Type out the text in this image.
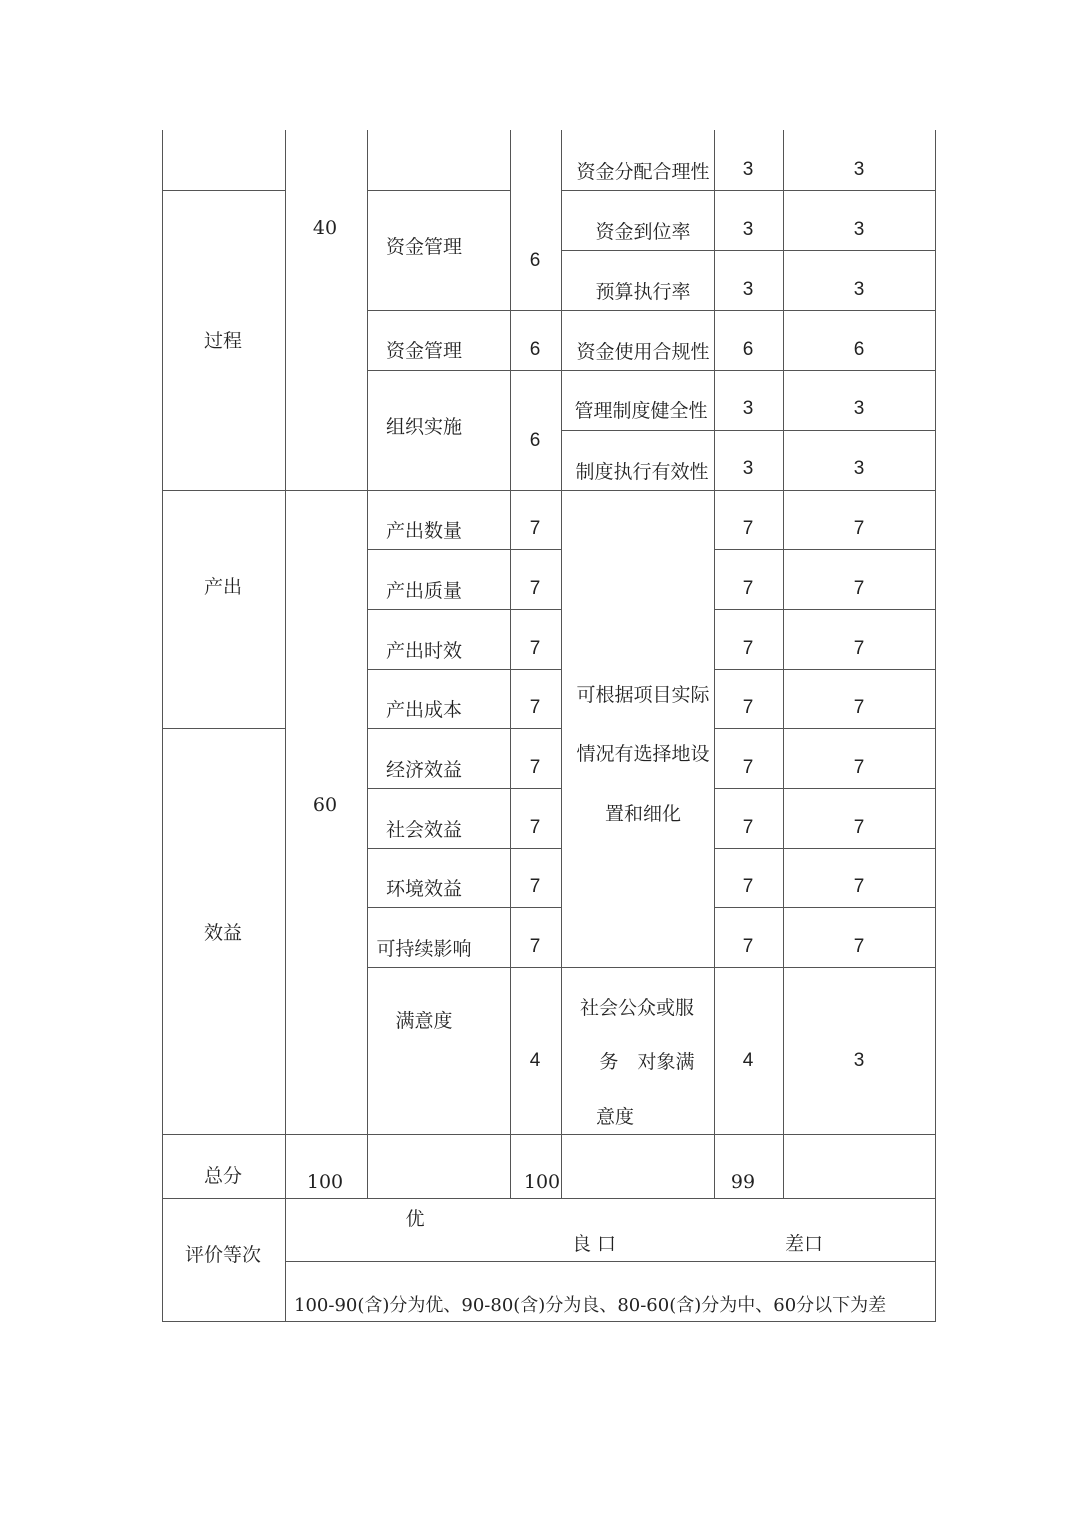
过程
产出
效益
总分
评价等次
40
60
100
资金管理
资金管理
组织实施
产出数量
产出质量
产出时效
产出成本
经济效益
社会效益
环境效益
可持续影响
满意度
6
6
6
7
7
7
7
7
7
7
7
4
100
资金分配合理性
资金到位率
预算执行率
资金使用合规性
管理制度健全性
制度执行有效性
可根据项目实际
情况有选择地设
置和细化
社会公众或服
务　对象满
意度
3
3
3
6
3
3
7
7
7
7
7
7
7
7
4
99
3
3
3
6
3
3
7
7
7
7
7
7
7
7
3
优
良 口	差口
100-90(含)分为优、90-80(含)分为良、80-60(含)分为中、60分以下为差
